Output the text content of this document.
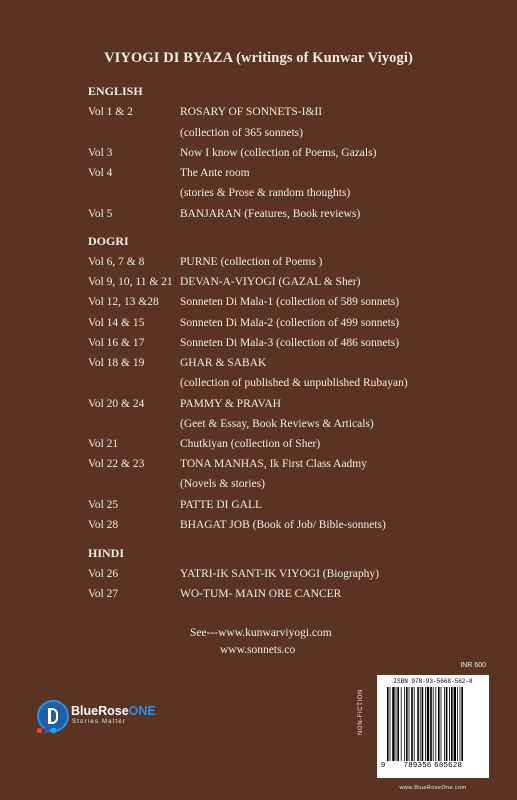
VIYOGI DI BYAZA (writings of Kunwar Viyogi)
ENGLISH
Vol 1 & 2	ROSARY OF SONNETS-I&II
(collection of 365 sonnets)
Vol 3	Now I know (collection of Poems, Gazals)
Vol 4	The Ante room
(stories & Prose & random thoughts)
Vol 5	BANJARAN (Features, Book reviews)
DOGRI
Vol 6, 7 & 8	PURNE (collection of Poems )
Vol 9, 10, 11 & 21 DEVAN-A-VIYOGI (GAZAL & Sher)
Vol 12, 13 &28 Sonneten Di Mala-1 (collection of 589 sonnets)
Vol 14 & 15	Sonneten Di Mala-2 (collection of 499 sonnets)
Vol 16 & 17	Sonneten Di Mala-3 (collection of 486 sonnets)
Vol 18 & 19	GHAR & SABAK
(collection of published & unpublished Rubayan)
Vol 20 & 24	PAMMY & PRAVAH
(Geet & Essay, Book Reviews & Articals)
Vol 21	Chutkiyan (collection of Sher)
Vol 22 & 23	TONA MANHAS, Ik First Class Aadmy
(Novels & stories)
Vol 25	PATTE DI GALL
Vol 28	BHAGAT JOB (Book of Job/ Bible-sonnets)
HINDI
Vol 26	YATRI-IK SANT-IK VIYOGI (Biography)
Vol 27	WO-TUM- MAIN ORE CANCER
See---www.kunwarviyogi.com
www.sonnets.co
BlueRoseONE
Stories Matter
INR 600
NON-FICTION
ISBN 978-93-5668-562-8
9 789356 685628
www.BlueRoseOne.com
